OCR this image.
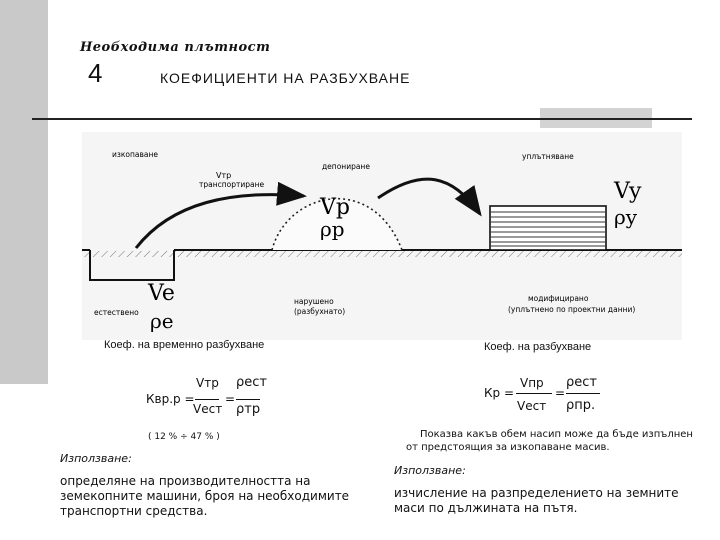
Необходима плътност
4	КОЕФИЦИЕНТИ НА РАЗБУХВАНЕ
изкопаване
депониране
уплътняване
Vтр
транспортиране
естествено
нарушено
(разбухнато)
модифицирано
(уплътнено по проектни данни)
Ve
ρe
Vp
ρp
Vy
ρy
Коеф. на временно разбухване
Vтр ρест
Квр.р =	=
Vест ρтр
( 12 % ÷ 47 % )
Използване:
определяне на производителността на земекопните машини, броя на необходимите транспортни средства.
Коеф. на разбухване
Vпр ρест
Кр =	=
Vест ρпр.
Показва какъв обем насип може да бъде изпълнен от предстоящия за изкопаване масив.
Използване:
изчисление на разпределението на земните маси по дължината на пътя.
